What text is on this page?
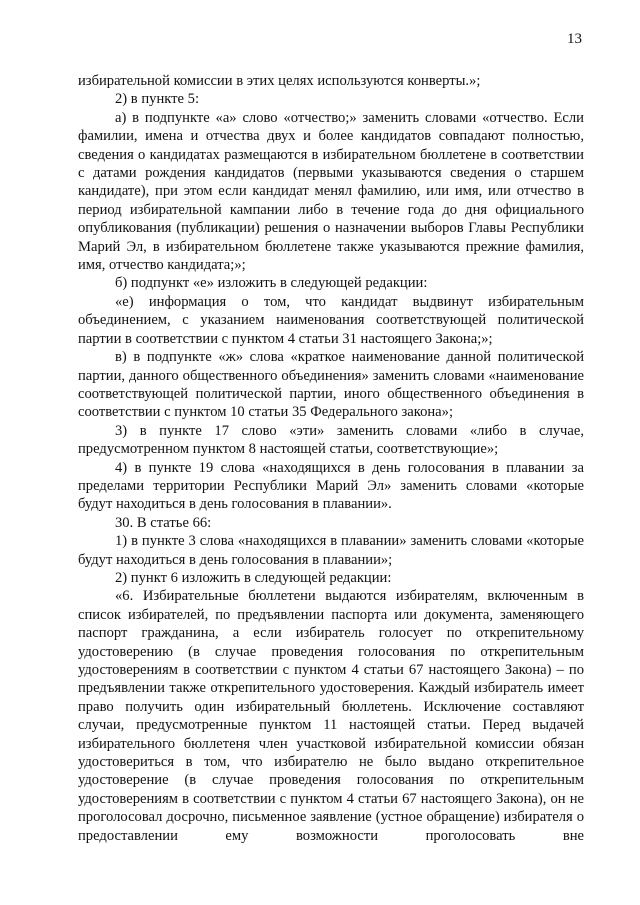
13

избирательной комиссии в этих целях используются конверты.»;

2) в пункте 5:

а) в подпункте «а» слово «отчество;» заменить словами «отчество. Если фамилии, имена и отчества двух и более кандидатов совпадают полностью, сведения о кандидатах размещаются в избирательном бюллетене в соответствии с датами рождения кандидатов (первыми указываются сведения о старшем кандидате), при этом если кандидат менял фамилию, или имя, или отчество в период избирательной кампании либо в течение года до дня официального опубликования (публикации) решения о назначении выборов Главы Республики Марий Эл, в избирательном бюллетене также указываются прежние фамилия, имя, отчество кандидата;»;

б) подпункт «е» изложить в следующей редакции:

«е) информация о том, что кандидат выдвинут избирательным объединением, с указанием наименования соответствующей политической партии в соответствии с пунктом 4 статьи 31 настоящего Закона;»;

в) в подпункте «ж» слова «краткое наименование данной политической партии, данного общественного объединения» заменить словами «наименование соответствующей политической партии, иного общественного объединения в соответствии с пунктом 10 статьи 35 Федерального закона»;

3) в пункте 17 слово «эти» заменить словами «либо в случае, предусмотренном пунктом 8 настоящей статьи, соответствующие»;

4) в пункте 19 слова «находящихся в день голосования в плавании за пределами территории Республики Марий Эл» заменить словами «которые будут находиться в день голосования в плавании».

30. В статье 66:

1) в пункте 3 слова «находящихся в плавании» заменить словами «которые будут находиться в день голосования в плавании»;

2) пункт 6 изложить в следующей редакции:

«6. Избирательные бюллетени выдаются избирателям, включенным в список избирателей, по предъявлении паспорта или документа, заменяющего паспорт гражданина, а если избиратель голосует по открепительному удостоверению (в случае проведения голосования по открепительным удостоверениям в соответствии с пунктом 4 статьи 67 настоящего Закона) – по предъявлении также открепительного удостоверения. Каждый избиратель имеет право получить один избирательный бюллетень. Исключение составляют случаи, предусмотренные пунктом 11 настоящей статьи. Перед выдачей избирательного бюллетеня член участковой избирательной комиссии обязан удостовериться в том, что избирателю не было выдано открепительное удостоверение (в случае проведения голосования по открепительным удостоверениям в соответствии с пунктом 4 статьи 67 настоящего Закона), он не проголосовал досрочно, письменное заявление (устное обращение) избирателя о предоставлении ему возможности проголосовать вне
